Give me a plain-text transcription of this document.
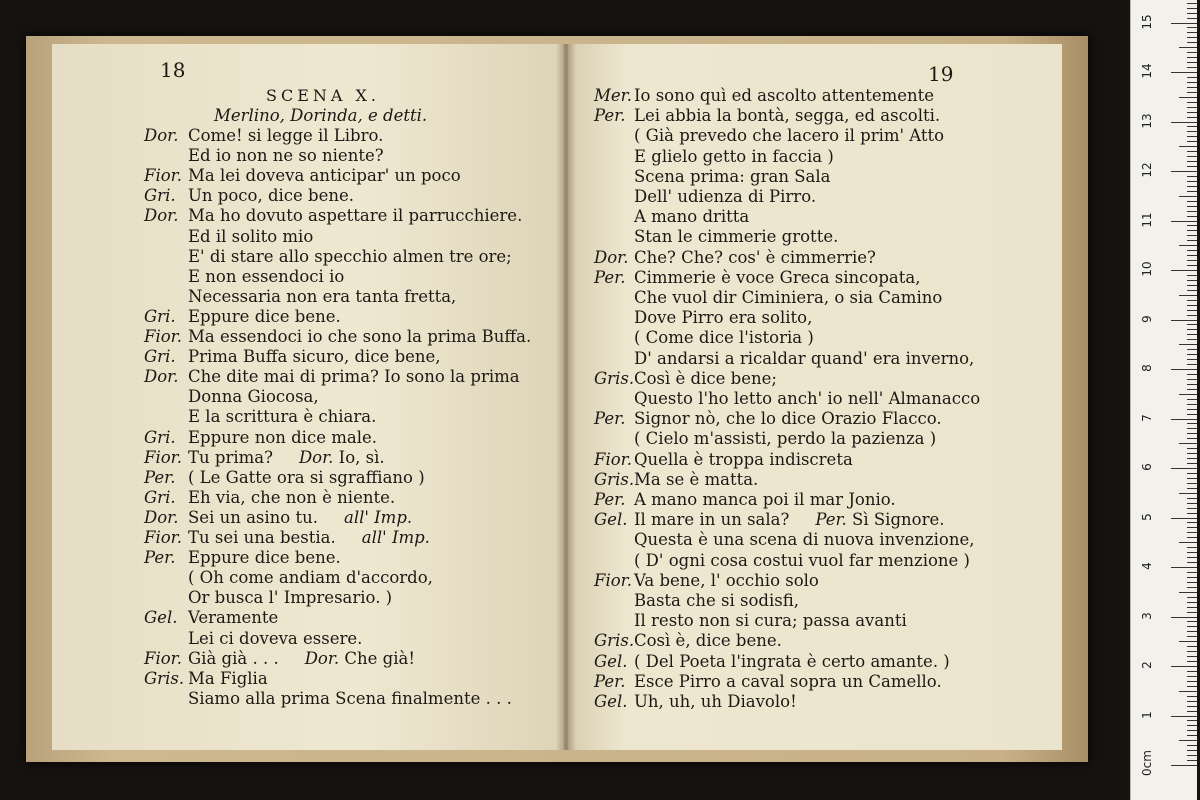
18
SCENA X.
Merlino, Dorinda, e detti.
Dor. Come! si legge il Libro.
Ed io non ne so niente?
Fior. Ma lei doveva anticipar' un poco
Gri. Un poco, dice bene.
Dor. Ma ho dovuto aspettare il parrucchiere.
Ed il solito mio
E' di stare allo specchio almen tre ore;
E non essendoci io
Necessaria non era tanta fretta,
Gri. Eppure dice bene.
Fior. Ma essendoci io che sono la prima Buffa.
Gri. Prima Buffa sicuro, dice bene,
Dor. Che dite mai di prima? Io sono la prima
Donna Giocosa,
E la scrittura è chiara.
Gri. Eppure non dice male.
Fior. Tu prima? Dor. Io, sì.
Per. ( Le Gatte ora si sgraffiano )
Gri. Eh via, che non è niente.
Dor. Sei un asino tu. all' Imp.
Fior. Tu sei una bestia. all' Imp.
Per. Eppure dice bene.
( Oh come andiam d'accordo,
Or busca l' Impresario. )
Gel. Veramente
Lei ci doveva essere.
Fior. Già già . . . Dor. Che già!
Gris. Ma Figlia
Siamo alla prima Scena finalmente . . .
19
Mer. Io sono quì ed ascolto attentemente
Per. Lei abbia la bontà, segga, ed ascolti.
( Già prevedo che lacero il prim' Atto
E glielo getto in faccia )
Scena prima: gran Sala
Dell' udienza di Pirro.
A mano dritta
Stan le cimmerie grotte.
Dor. Che? Che? cos' è cimmerrie?
Per. Cimmerie è voce Greca sincopata,
Che vuol dir Ciminiera, o sia Camino
Dove Pirro era solito,
( Come dice l'istoria )
D' andarsi a ricaldar quand' era inverno,
Gris.Così è dice bene;
Questo l'ho letto anch' io nell' Almanacco
Per. Signor nò, che lo dice Orazio Flacco.
( Cielo m'assisti, perdo la pazienza )
Fior. Quella è troppa indiscreta
Gris.Ma se è matta.
Per. A mano manca poi il mar Jonio.
Gel. Il mare in un sala? Per. Sì Signore.
Questa è una scena di nuova invenzione,
( D' ogni cosa costui vuol far menzione )
Fior. Va bene, l' occhio solo
Basta che si sodisfi,
Il resto non si cura; passa avanti
Gris.Così è, dice bene.
Gel. ( Del Poeta l'ingrata è certo amante. )
Per. Esce Pirro a caval sopra un Camello.
Gel. Uh, uh, uh Diavolo!
0cm
1
2
3
4
5
6
7
8
9
10
11
12
13
14
15
